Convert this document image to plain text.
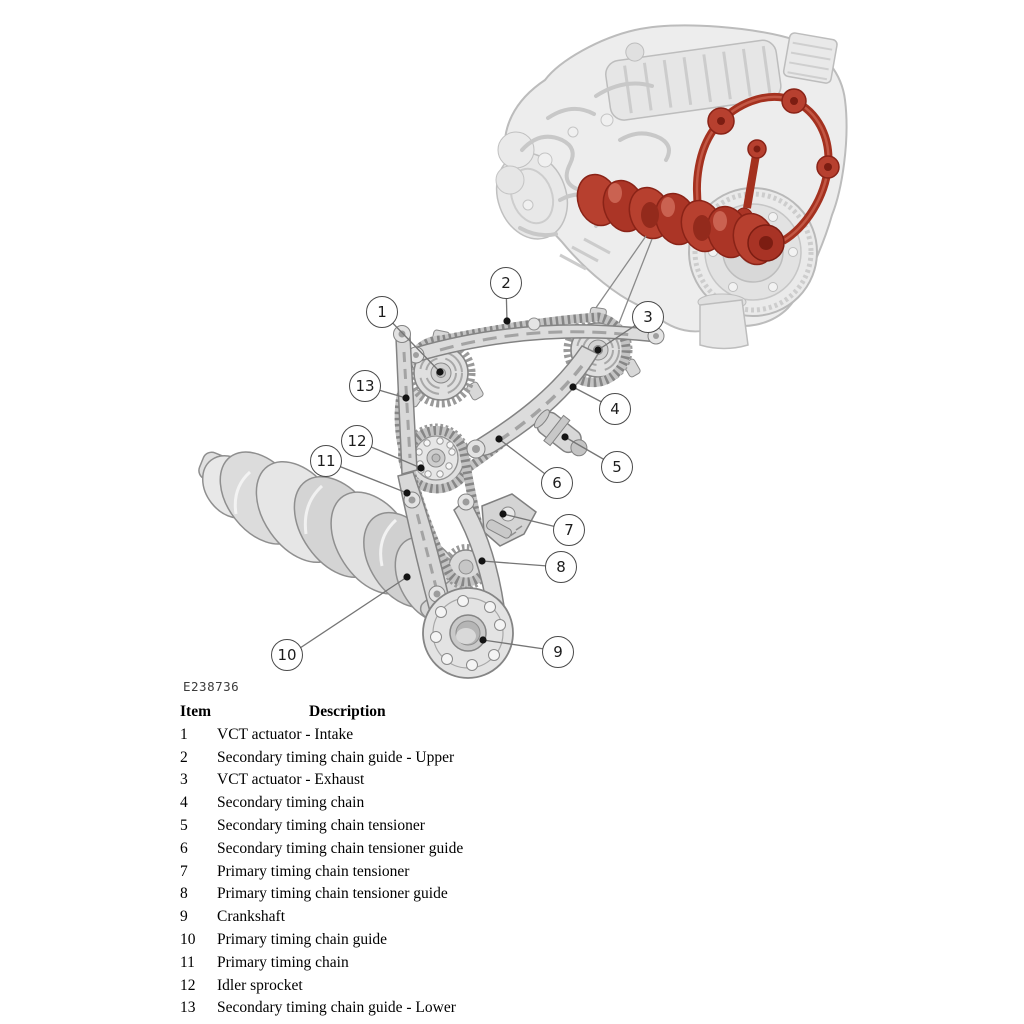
1
2
3
4
5
6
7
8
9
10
11
12
13
E238736
Item	Description
1	VCT actuator - Intake
2	Secondary timing chain guide - Upper
3	VCT actuator - Exhaust
4	Secondary timing chain
5	Secondary timing chain tensioner
6	Secondary timing chain tensioner guide
7	Primary timing chain tensioner
8	Primary timing chain tensioner guide
9	Crankshaft
10	Primary timing chain guide
11	Primary timing chain
12	Idler sprocket
13	Secondary timing chain guide - Lower
